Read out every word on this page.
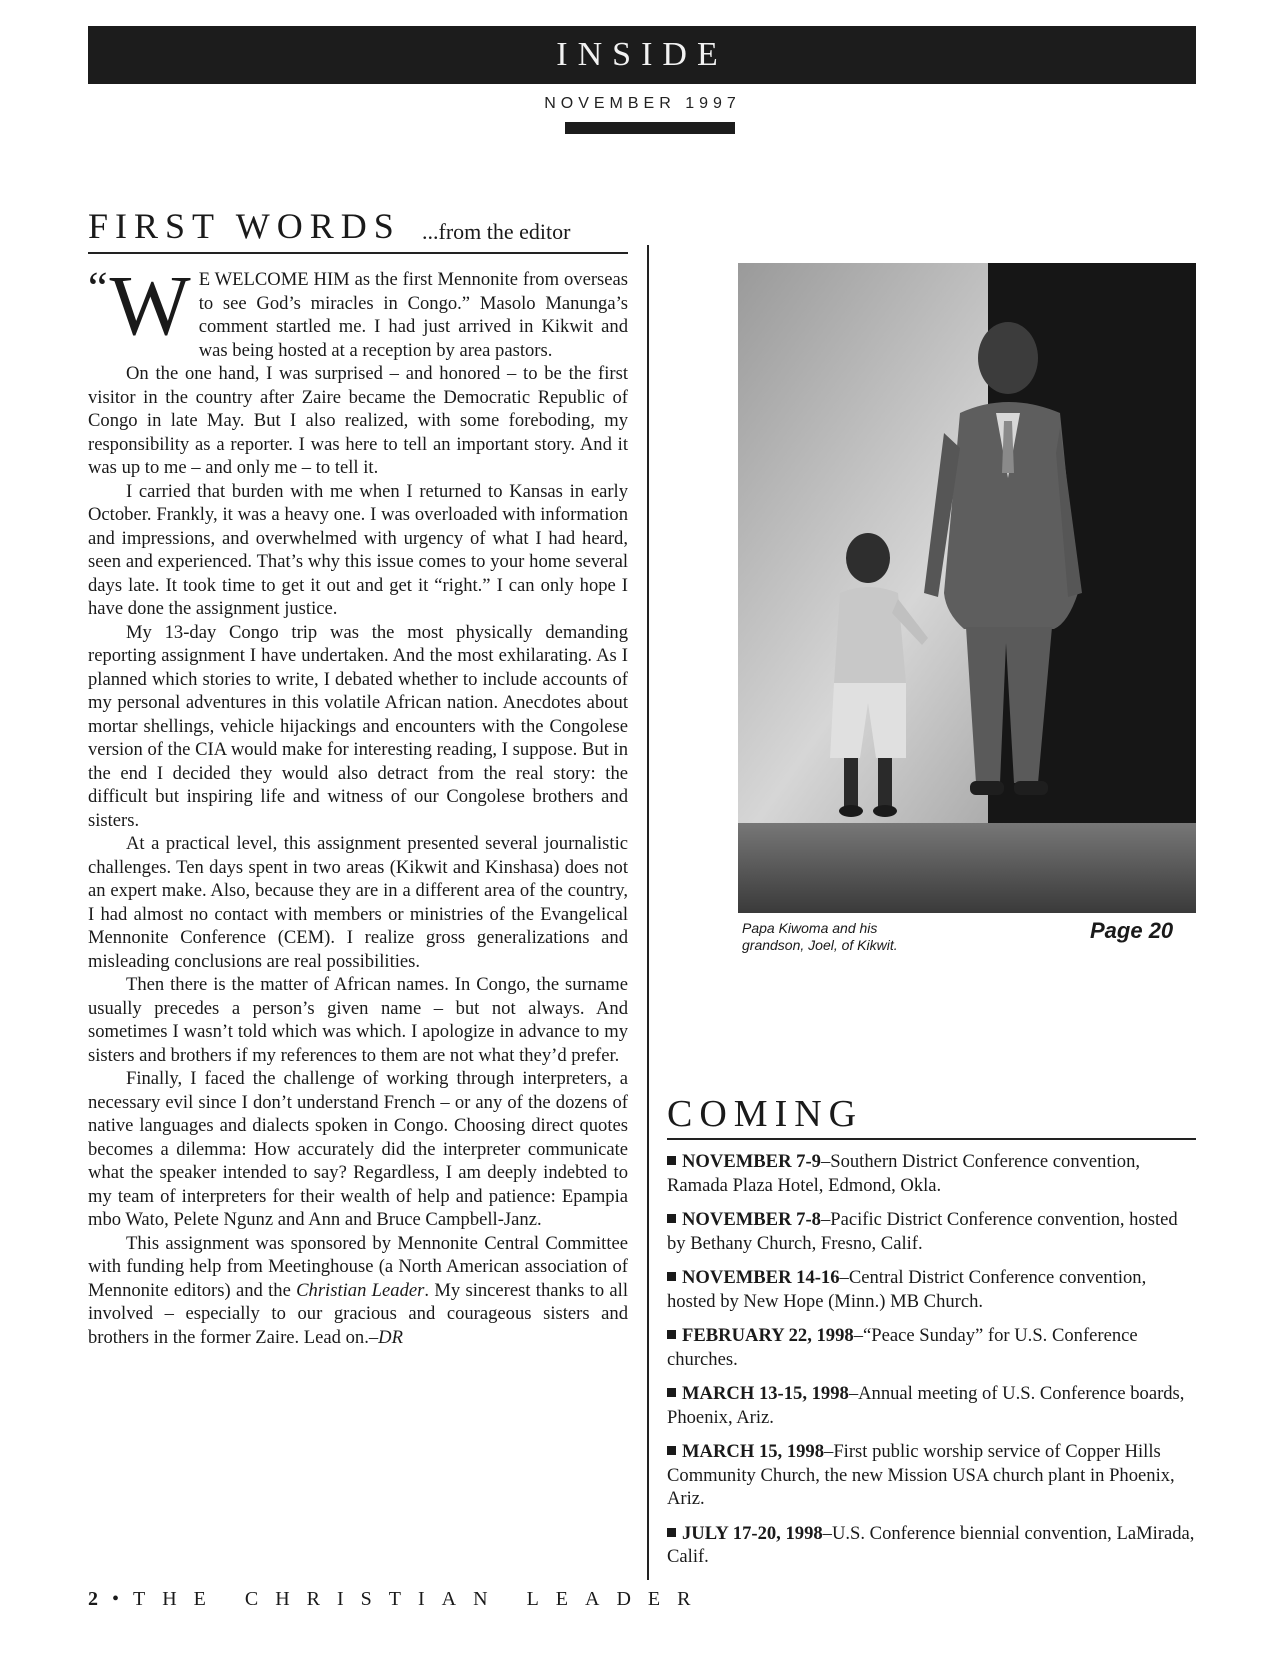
INSIDE
NOVEMBER 1997
FIRST WORDS ...from the editor

“ W E WELCOME HIM as the first Mennonite from overseas to see God’s miracles in Congo.” Masolo Manunga’s comment startled me. I had just arrived in Kikwit and was being hosted at a reception by area pastors.

On the one hand, I was surprised – and honored – to be the first visitor in the country after Zaire became the Democratic Republic of Congo in late May. But I also realized, with some foreboding, my responsibility as a reporter. I was here to tell an important story. And it was up to me – and only me – to tell it.

I carried that burden with me when I returned to Kansas in early October. Frankly, it was a heavy one. I was overloaded with information and impressions, and overwhelmed with urgency of what I had heard, seen and experienced. That’s why this issue comes to your home several days late. It took time to get it out and get it “right.” I can only hope I have done the assignment justice.

My 13-day Congo trip was the most physically demanding reporting assignment I have undertaken. And the most exhilarating. As I planned which stories to write, I debated whether to include accounts of my personal adventures in this volatile African nation. Anecdotes about mortar shellings, vehicle hijackings and encounters with the Congolese version of the CIA would make for interesting reading, I suppose. But in the end I decided they would also detract from the real story: the difficult but inspiring life and witness of our Congolese brothers and sisters.

At a practical level, this assignment presented several journalistic challenges. Ten days spent in two areas (Kikwit and Kinshasa) does not an expert make. Also, because they are in a different area of the country, I had almost no contact with members or ministries of the Evangelical Mennonite Conference (CEM). I realize gross generalizations and misleading conclusions are real possibilities.

Then there is the matter of African names. In Congo, the surname usually precedes a person’s given name – but not always. And sometimes I wasn’t told which was which. I apologize in advance to my sisters and brothers if my references to them are not what they’d prefer.

Finally, I faced the challenge of working through interpreters, a necessary evil since I don’t understand French – or any of the dozens of native languages and dialects spoken in Congo. Choosing direct quotes becomes a dilemma: How accurately did the interpreter communicate what the speaker intended to say? Regardless, I am deeply indebted to my team of interpreters for their wealth of help and patience: Epampia mbo Wato, Pelete Ngunz and Ann and Bruce Campbell-Janz.

This assignment was sponsored by Mennonite Central Committee with funding help from Meetinghouse (a North American association of Mennonite editors) and the Christian Leader. My sincerest thanks to all involved – especially to our gracious and courageous sisters and brothers in the former Zaire. Lead on.–DR

Papa Kiwoma and his grandson, Joel, of Kikwit.
Page 20
COMING
NOVEMBER 7-9–Southern District Conference convention, Ramada Plaza Hotel, Edmond, Okla.
NOVEMBER 7-8–Pacific District Conference convention, hosted by Bethany Church, Fresno, Calif.
NOVEMBER 14-16–Central District Conference convention, hosted by New Hope (Minn.) MB Church.
FEBRUARY 22, 1998–“Peace Sunday” for U.S. Conference churches.
MARCH 13-15, 1998–Annual meeting of U.S. Conference boards, Phoenix, Ariz.
MARCH 15, 1998–First public worship service of Copper Hills Community Church, the new Mission USA church plant in Phoenix, Ariz.
JULY 17-20, 1998–U.S. Conference biennial convention, LaMirada, Calif.
2 • THE CHRISTIAN LEADER
